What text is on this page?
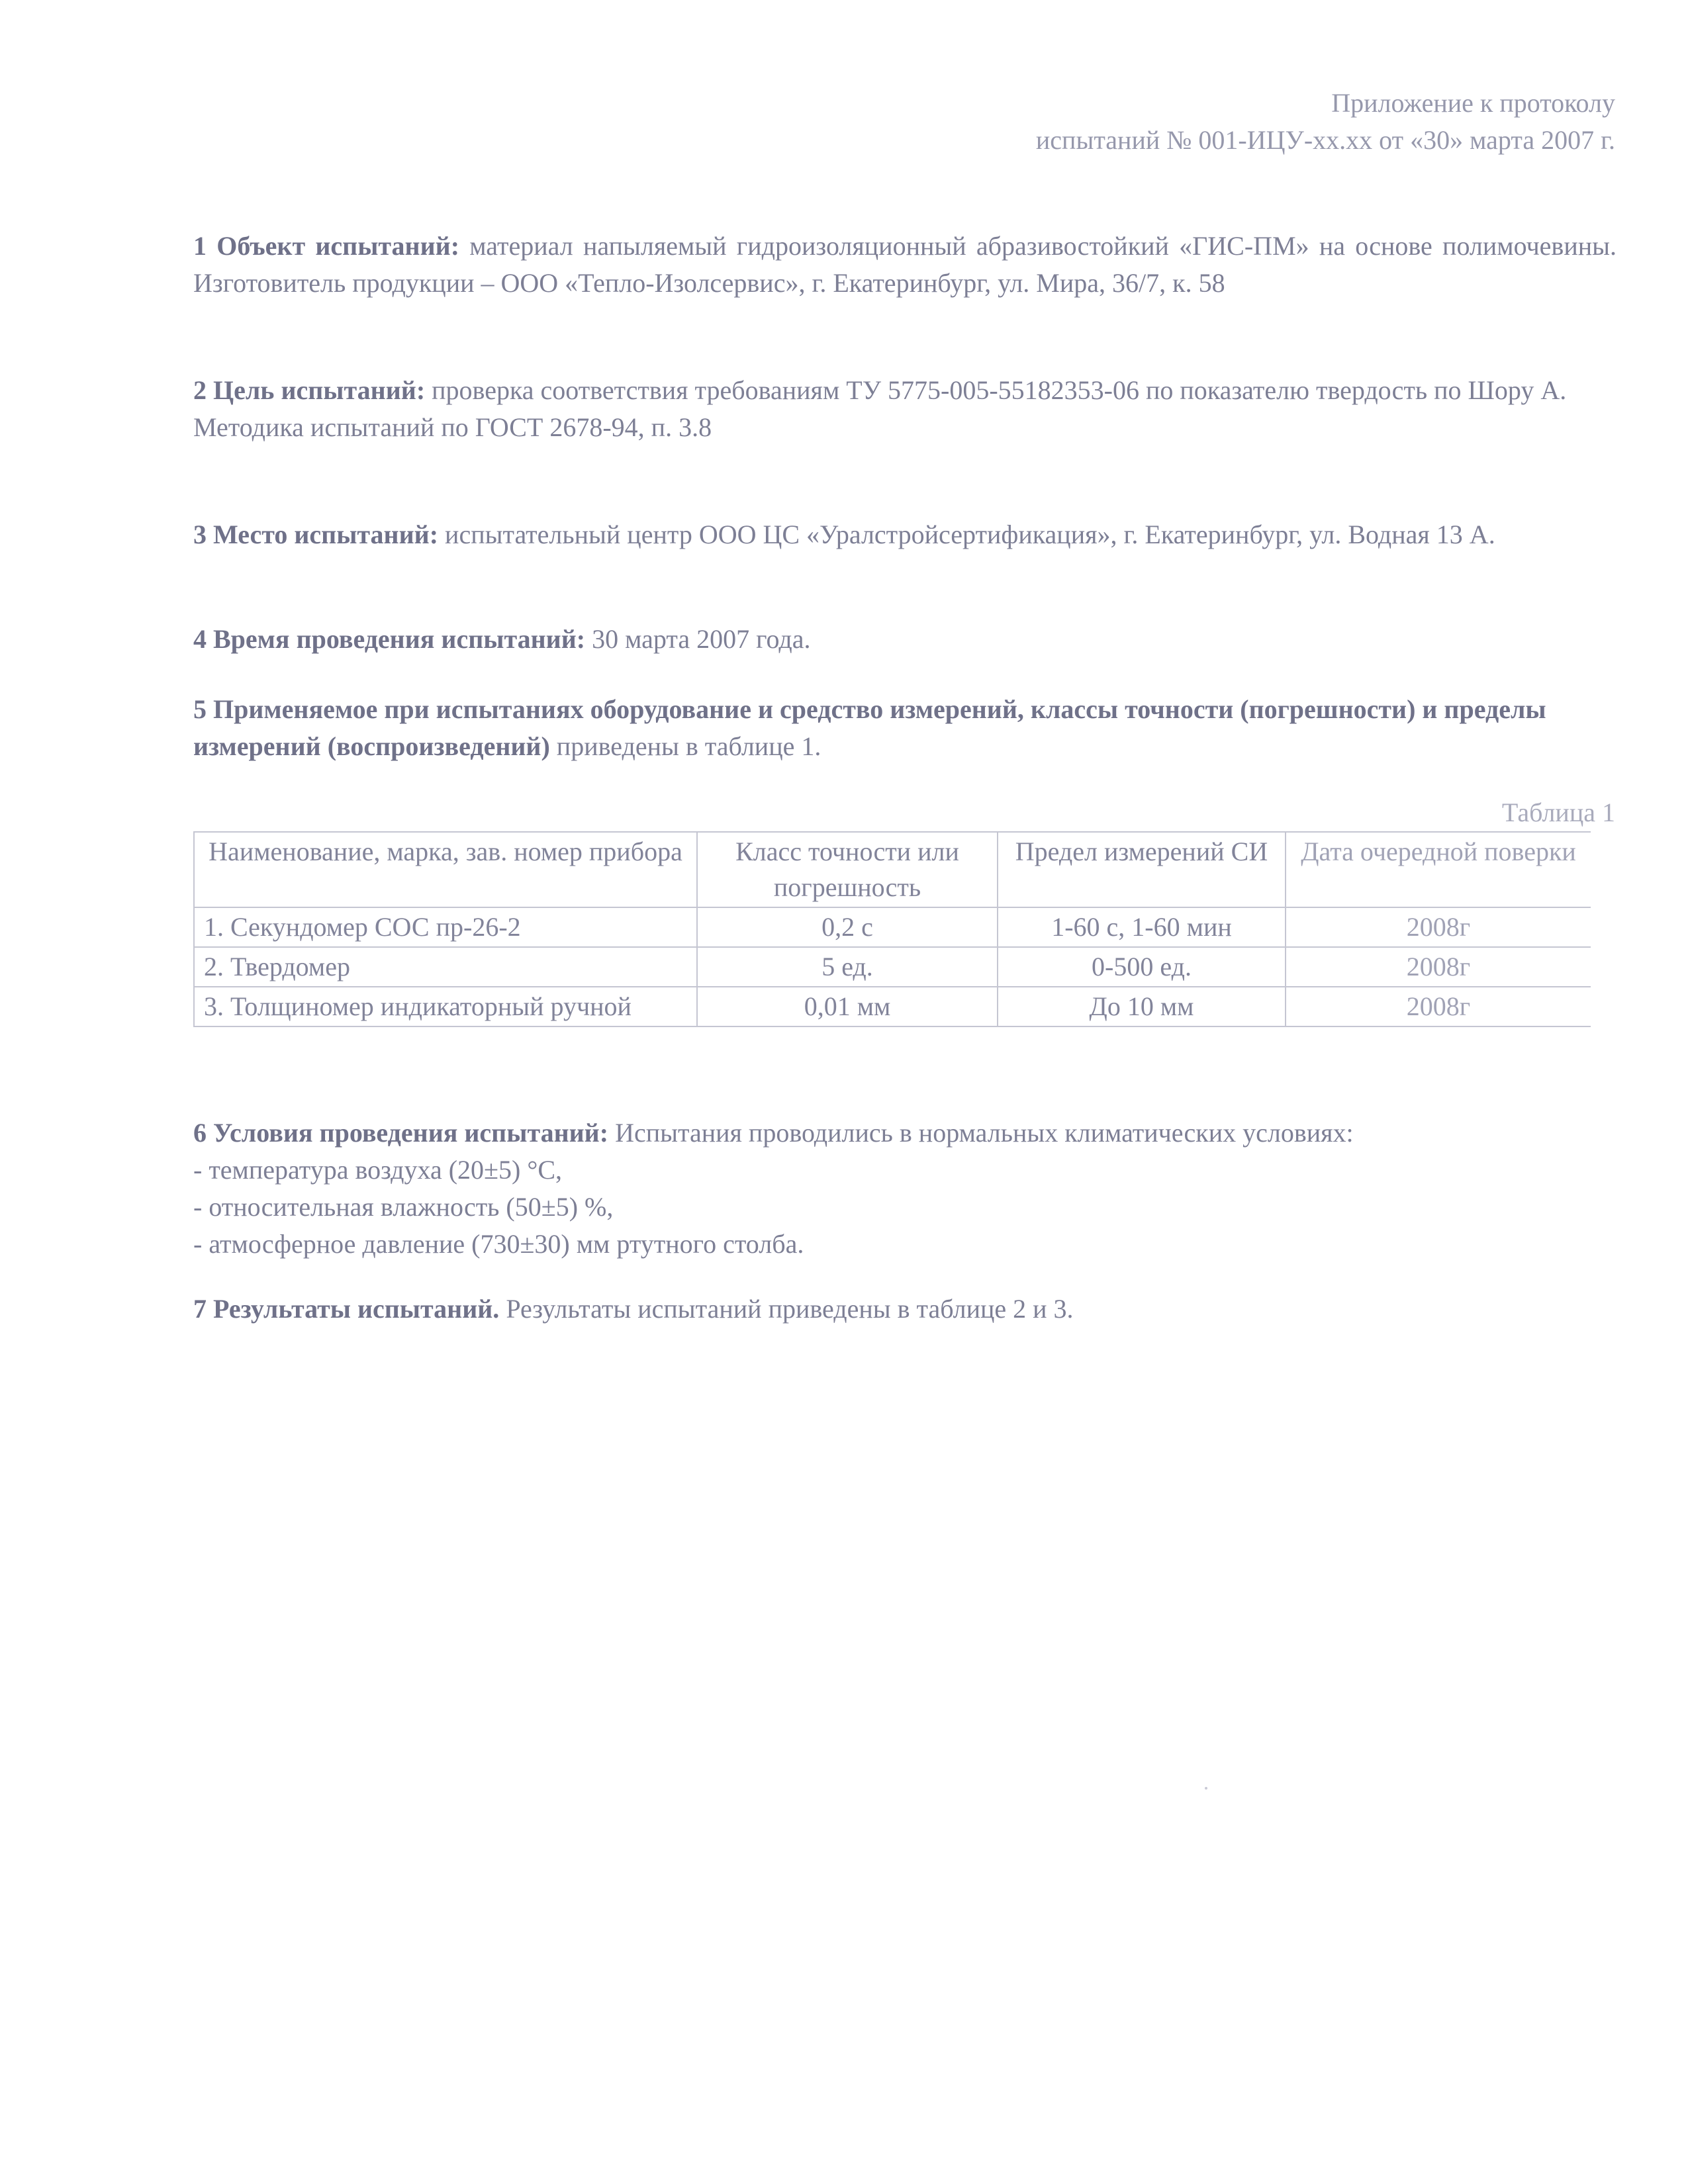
Приложение к протоколу
испытаний № 001-ИЦУ-хх.хх от «30» марта 2007 г.
1 Объект испытаний: материал напыляемый гидроизоляционный абразивостойкий «ГИС-ПМ» на основе полимочевины. Изготовитель продукции – ООО «Тепло-Изолсервис», г. Екатеринбург, ул. Мира, 36/7, к. 58
2 Цель испытаний: проверка соответствия требованиям ТУ 5775-005-55182353-06 по показателю твердость по Шору А.
Методика испытаний по ГОСТ 2678-94, п. 3.8
3 Место испытаний: испытательный центр ООО ЦС «Уралстройсертификация», г. Екатеринбург, ул. Водная 13 А.
4 Время проведения испытаний: 30 марта 2007 года.
5 Применяемое при испытаниях оборудование и средство измерений, классы точности (погрешности) и пределы измерений (воспроизведений) приведены в таблице 1.
Таблица 1
Наименование, марка, зав. номер прибора	Класс точности или погрешность	Предел измерений СИ	Дата очередной поверки
1. Секундомер СОС пр-26-2	0,2 с	1-60 с, 1-60 мин	2008г
2. Твердомер	5 ед.	0-500 ед.	2008г
3. Толщиномер индикаторный ручной	0,01 мм	До 10 мм	2008г
6 Условия проведения испытаний: Испытания проводились в нормальных климатических условиях:
- температура воздуха (20±5) °С,
- относительная влажность (50±5) %,
- атмосферное давление (730±30) мм ртутного столба.
7 Результаты испытаний. Результаты испытаний приведены в таблице 2 и 3.
